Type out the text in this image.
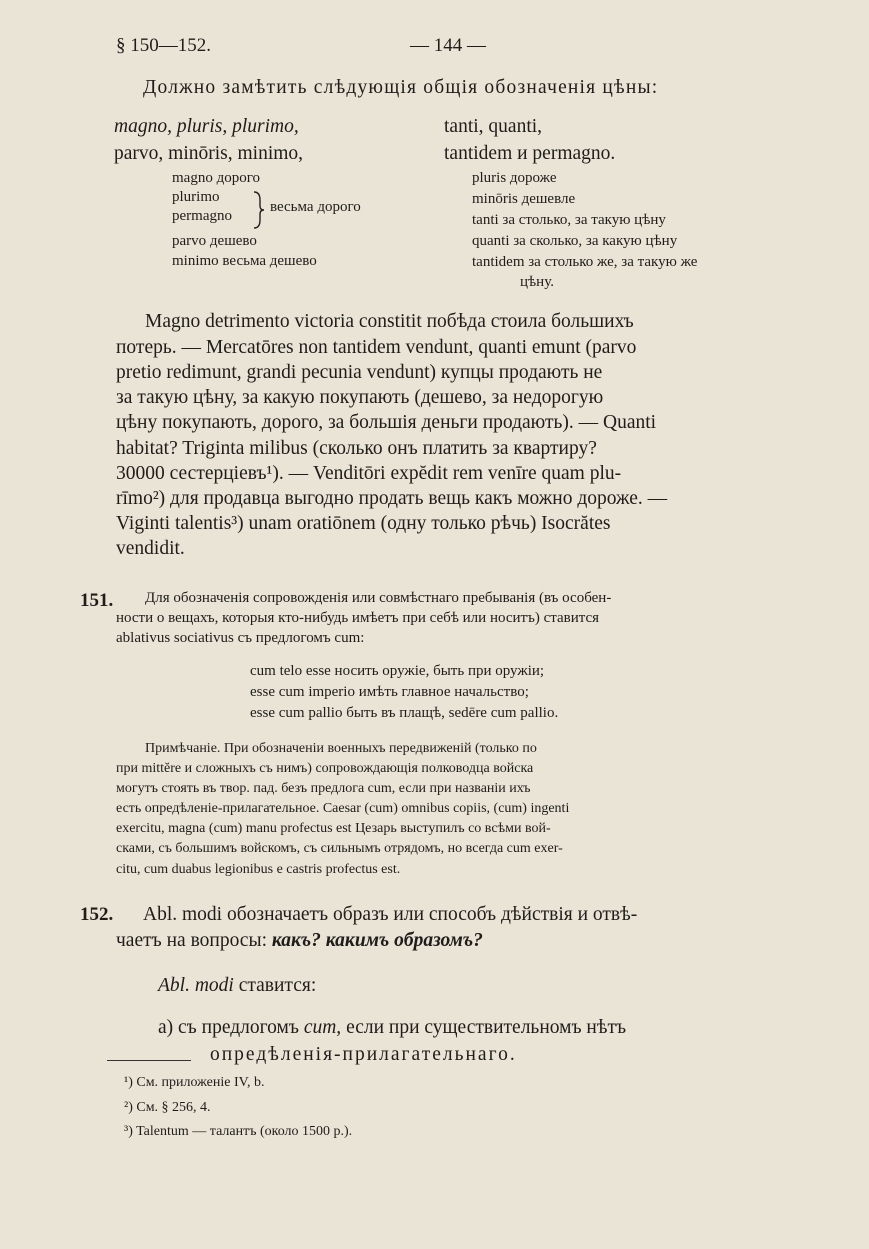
§ 150—152.	— 144 —
Должно замѣтить слѣдующія общія обозначенія цѣны:
magno, pluris, plurimo,
parvo, minōris, minimo,
tanti, quanti,
tantidem и permagno.
magno дорого
plurimo
permagno
весьма дорого
parvo дешево
minimo весьма дешево
pluris дороже
minōris дешевле
tanti за столько, за такую цѣну
quanti за сколько, за какую цѣну
tantidem за столько же, за такую же
цѣну.
Magno detrimento victoria constitit побѣда стоила большихъ
потерь. — Mercatōres non tantidem vendunt, quanti emunt (parvo
pretio redimunt, grandi pecunia vendunt) купцы продають не
за такую цѣну, за какую покупають (дешево, за недорогую
цѣну покупають, дорого, за большія деньги продають). — Quanti
habitat? Triginta milibus (сколько онъ платить за квартиру?
30000 сестерціевъ¹). — Venditōri expĕdit rem venīre quam plu-
rīmo²) для продавца выгодно продать вещь какъ можно дороже. —
Viginti talentis³) unam oratiōnem (одну только рѣчь) Isocrătes
vendidit.
151. Для обозначенія сопровожденія или совмѣстнаго пребыванія (въ особен-
ности о вещахъ, которыя кто-нибудь имѣетъ при себѣ или носитъ) ставится
ablativus sociativus съ предлогомъ cum:
cum telo esse носить оружіе, быть при оружіи;
esse cum imperio имѣть главное начальство;
esse cum pallio быть въ плащѣ, sedēre cum pallio.
Примѣчаніе. При обозначеніи военныхъ передвиженій (только по
при mittĕre и сложныхъ съ нимъ) сопровождающія полководца войска
могутъ стоять въ твор. пад. безъ предлога cum, если при названіи ихъ
есть опредѣленіе-прилагательное. Caesar (cum) omnibus copiis, (cum) ingenti
exercitu, magna (cum) manu profectus est Цезарь выступилъ со всѣми вой-
сками, съ большимъ войскомъ, съ сильнымъ отрядомъ, но всегда cum exer-
citu, cum duabus legionibus e castris profectus est.
152. Abl. modi обозначаетъ образъ или способъ дѣйствія и отвѣ-
чаетъ на вопросы: какъ? какимъ образомъ?
Abl. modi ставится:
а) съ предлогомъ cum, если при существительномъ нѣтъ
опредѣленія-прилагательнаго.
¹) См. приложеніе IV, b.
²) См. § 256, 4.
³) Talentum — талантъ (около 1500 р.).
